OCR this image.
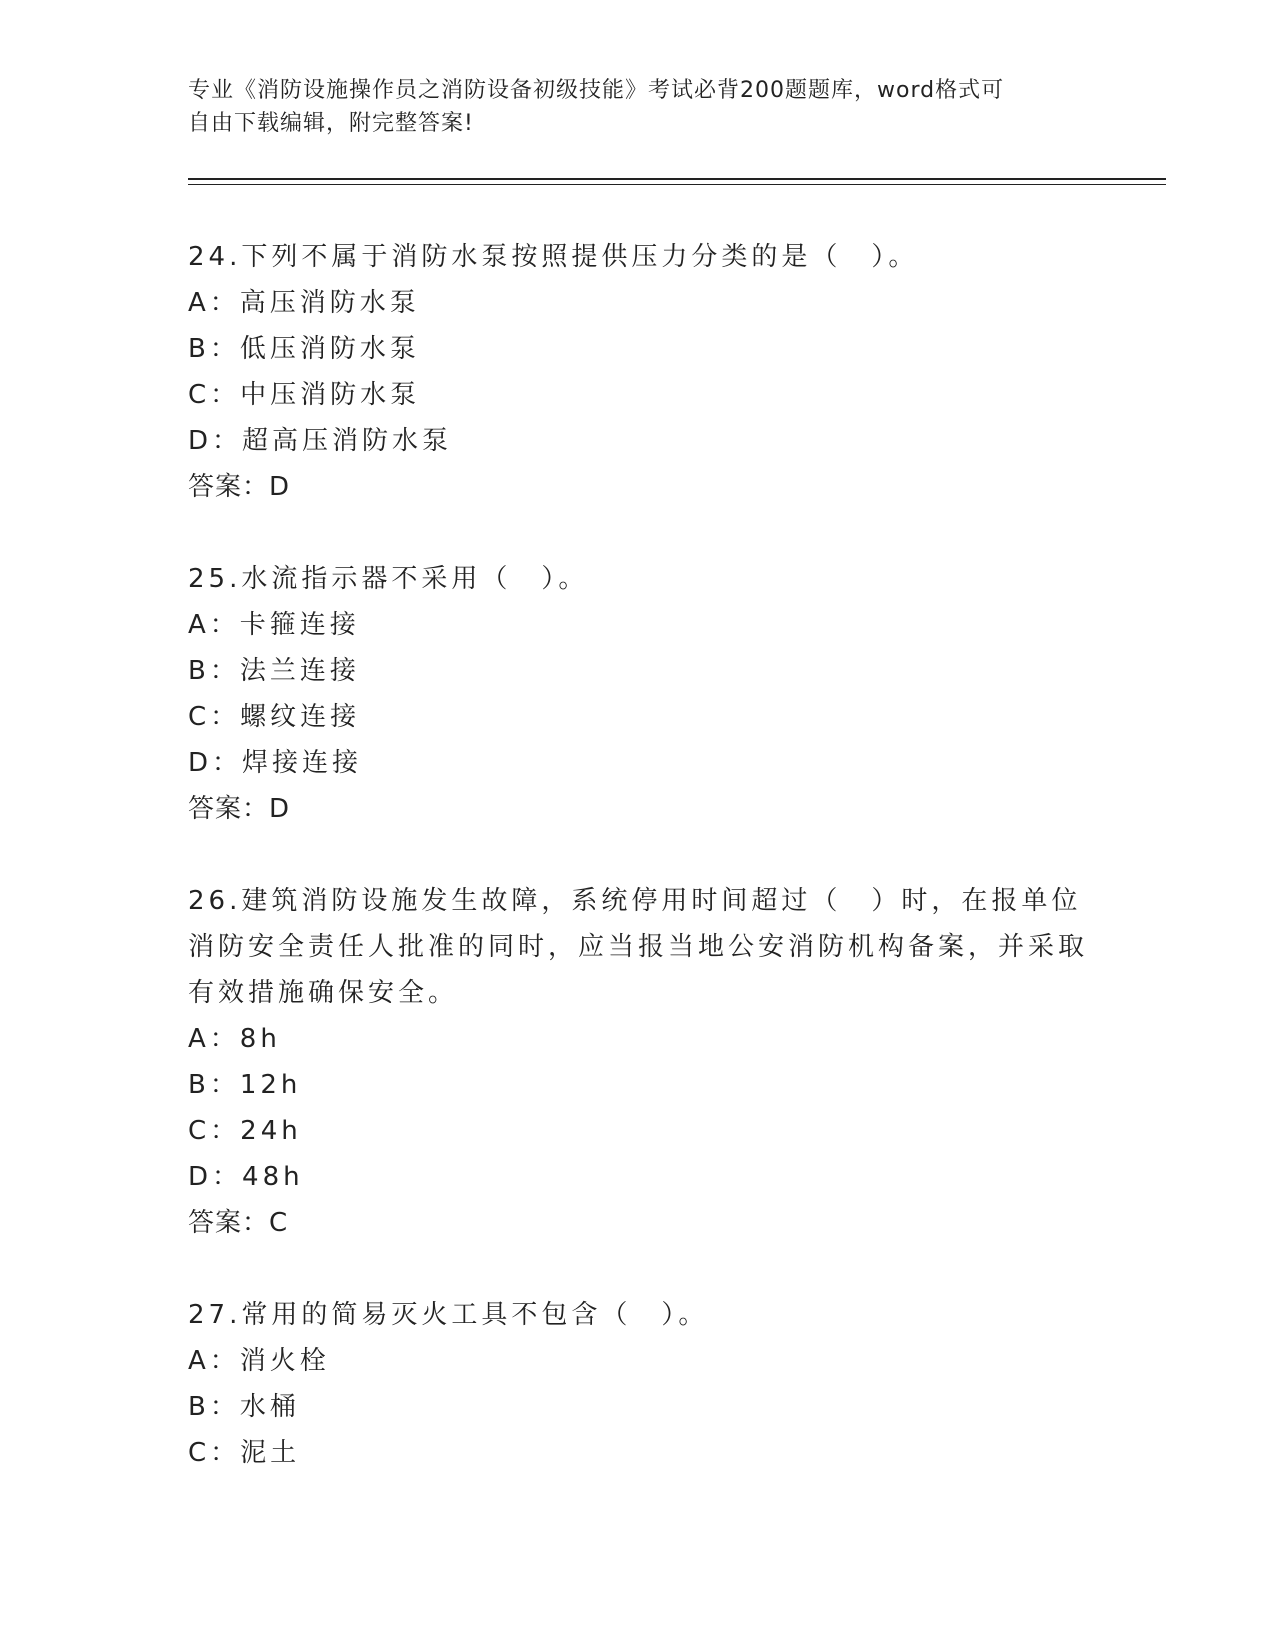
专业《消防设施操作员之消防设备初级技能》考试必背200题题库，word格式可
自由下载编辑，附完整答案!
24.下列不属于消防水泵按照提供压力分类的是（　）。
A：高压消防水泵
B：低压消防水泵
C：中压消防水泵
D：超高压消防水泵
答案：D
25.水流指示器不采用（　）。
A：卡箍连接
B：法兰连接
C：螺纹连接
D：焊接连接
答案：D
26.建筑消防设施发生故障，系统停用时间超过（　）时，在报单位消防安全责任人批准的同时，应当报当地公安消防机构备案，并采取有效措施确保安全。
A：8h
B：12h
C：24h
D：48h
答案：C
27.常用的简易灭火工具不包含（　）。
A：消火栓
B：水桶
C：泥土
